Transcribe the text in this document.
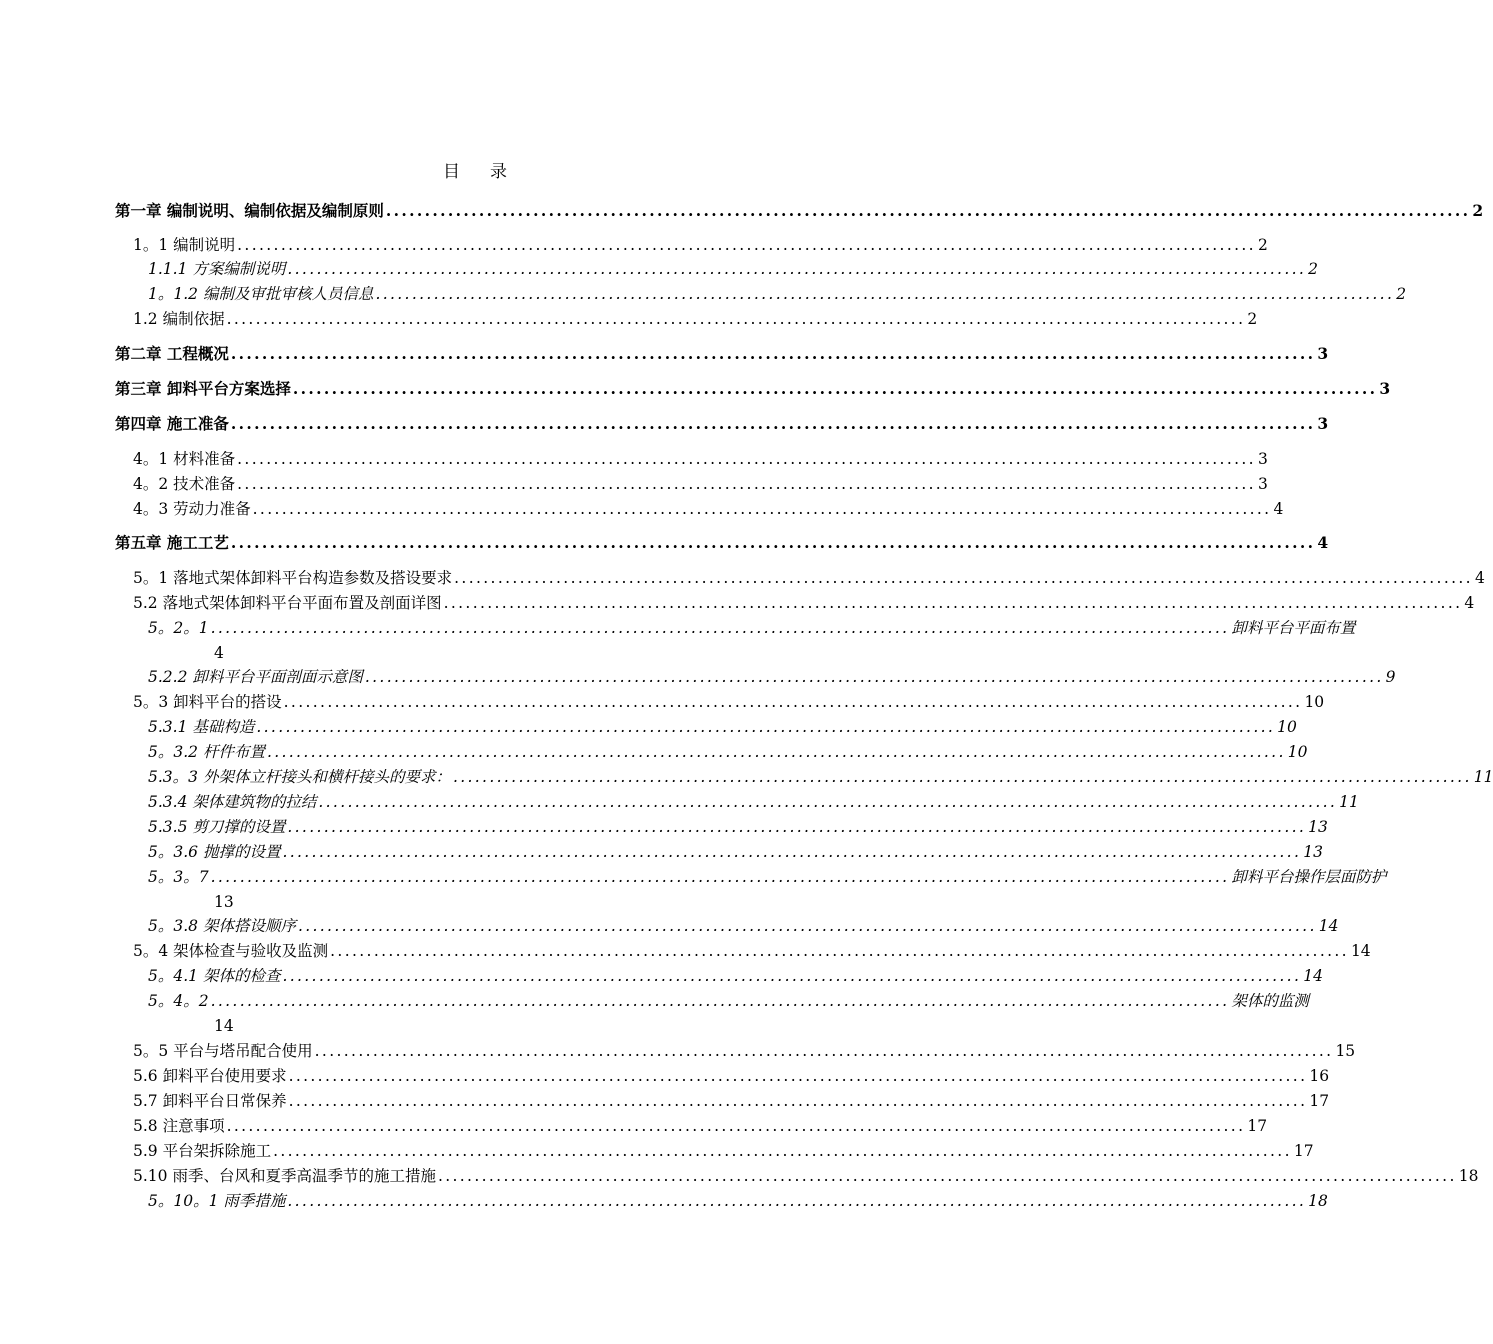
目 录
第一章 编制说明、编制依据及编制原则 ............................................................................................................................................ 2
1。1 编制说明 ............................................................................................................................................ 2
1.1.1 方案编制说明 ............................................................................................................................................ 2
1。1.2 编制及审批审核人员信息 ............................................................................................................................................ 2
1.2 编制依据 ............................................................................................................................................ 2
第二章 工程概况 ............................................................................................................................................ 3
第三章 卸料平台方案选择 ............................................................................................................................................ 3
第四章 施工准备 ............................................................................................................................................ 3
4。1 材料准备 ............................................................................................................................................ 3
4。2 技术准备 ............................................................................................................................................ 3
4。3 劳动力准备 ............................................................................................................................................ 4
第五章 施工工艺 ............................................................................................................................................ 4
5。1 落地式架体卸料平台构造参数及搭设要求 ............................................................................................................................................ 4
5.2 落地式架体卸料平台平面布置及剖面详图 ............................................................................................................................................ 4
5。2。1 ............................................................................................................................................ 卸料平台平面布置
4
5.2.2 卸料平台平面剖面示意图 ............................................................................................................................................ 9
5。3 卸料平台的搭设 ............................................................................................................................................ 10
5.3.1 基础构造 ............................................................................................................................................ 10
5。3.2 杆件布置 ............................................................................................................................................ 10
5.3。3 外架体立杆接头和横杆接头的要求： ............................................................................................................................................ 11
5.3.4 架体建筑物的拉结 ............................................................................................................................................ 11
5.3.5 剪刀撑的设置 ............................................................................................................................................ 13
5。3.6 抛撑的设置 ............................................................................................................................................ 13
5。3。7 ............................................................................................................................................ 卸料平台操作层面防护
13
5。3.8 架体搭设顺序 ............................................................................................................................................ 14
5。4 架体检查与验收及监测 ............................................................................................................................................ 14
5。4.1 架体的检查 ............................................................................................................................................ 14
5。4。2 ............................................................................................................................................ 架体的监测
14
5。5 平台与塔吊配合使用 ............................................................................................................................................ 15
5.6 卸料平台使用要求 ............................................................................................................................................ 16
5.7 卸料平台日常保养 ............................................................................................................................................ 17
5.8 注意事项 ............................................................................................................................................ 17
5.9 平台架拆除施工 ............................................................................................................................................ 17
5.10 雨季、台风和夏季高温季节的施工措施 ............................................................................................................................................ 18
5。10。1 雨季措施 ............................................................................................................................................ 18
